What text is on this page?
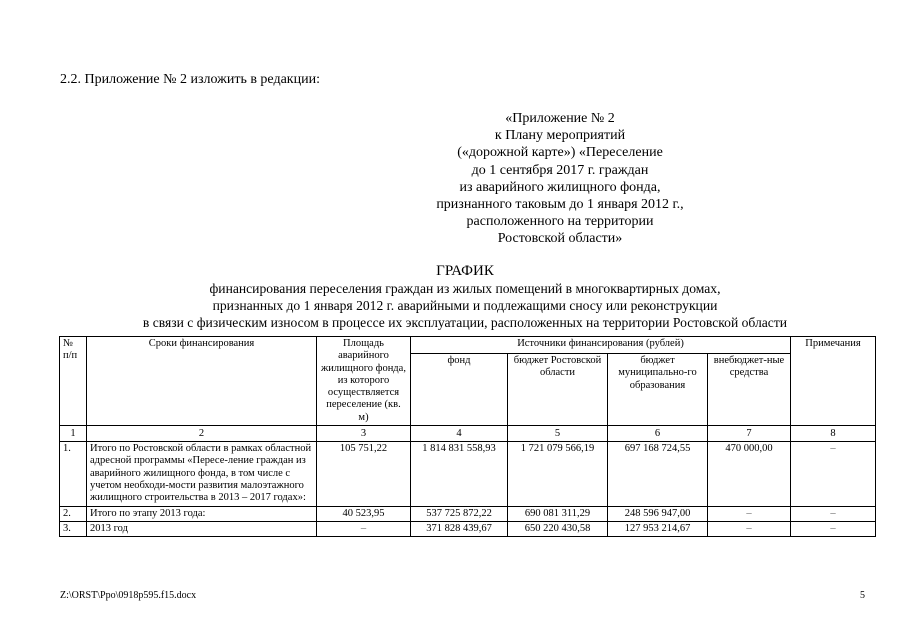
2.2. Приложение № 2 изложить в редакции:
«Приложение № 2
к Плану мероприятий
(«дорожной карте») «Переселение
до 1 сентября 2017 г. граждан
из аварийного жилищного фонда,
признанного таковым до 1 января 2012 г.,
расположенного на территории
Ростовской области»
ГРАФИК
финансирования переселения граждан из жилых помещений в многоквартирных домах,
признанных до 1 января 2012 г. аварийными и подлежащими сносу или реконструкции
в связи с физическим износом в процессе их эксплуатации, расположенных на территории Ростовской области
№ п/п	Сроки финансирования	Площадь аварийного жилищного фонда, из которого осуществляется переселение (кв. м)	Источники финансирования (рублей)				Примечания
			фонд	бюджет Ростовской области	бюджет муниципально-го образования	внебюджет-ные средства	
1	2	3	4	5	6	7	8
1.	Итого по Ростовской области в рамках областной адресной программы «Пересе-ление граждан из аварийного жилищного фонда, в том числе с учетом необходи-мости развития малоэтажного жилищного строительства в 2013 – 2017 годах»:	105 751,22	1 814 831 558,93	1 721 079 566,19	697 168 724,55	470 000,00	–
2.	Итого по этапу 2013 года:	40 523,95	537 725 872,22	690 081 311,29	248 596 947,00	–	–
3.	2013 год	–	371 828 439,67	650 220 430,58	127 953 214,67	–	–
Z:\ORST\Ppo\0918p595.f15.docx	5
